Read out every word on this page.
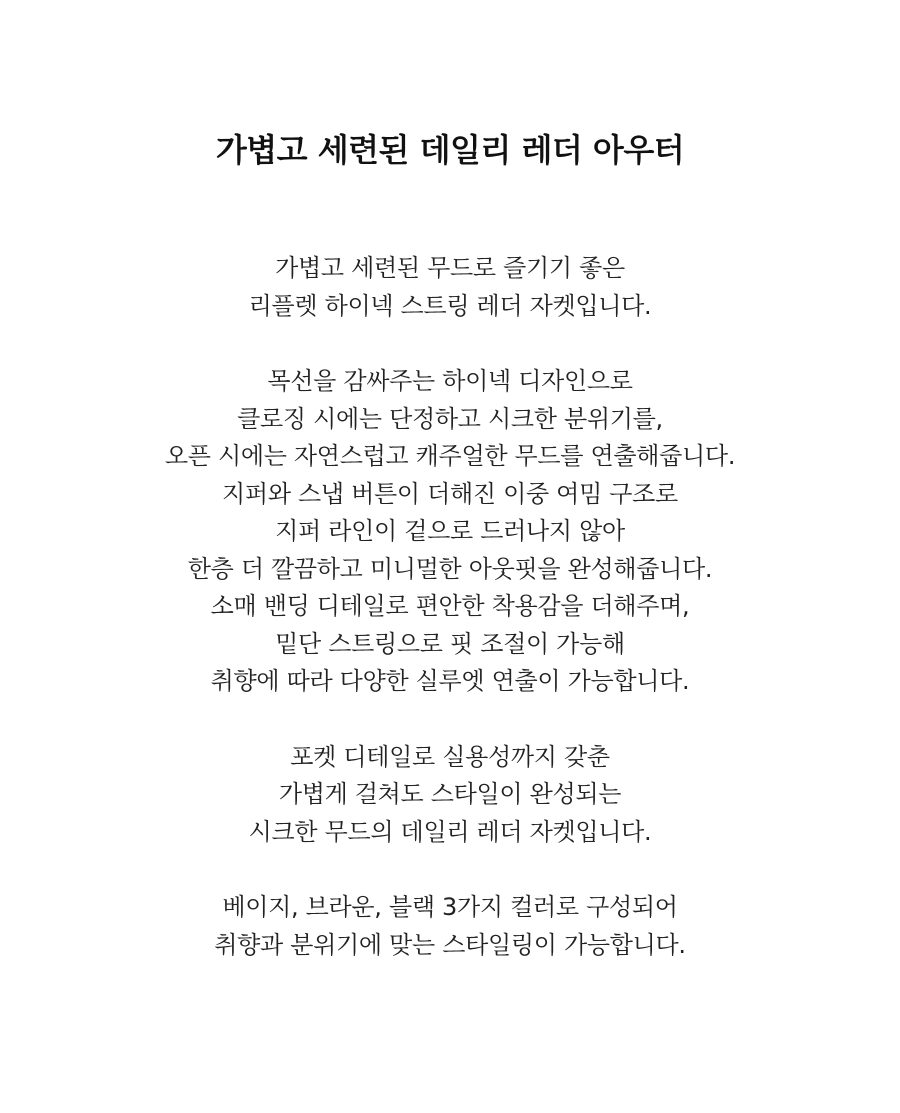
가볍고 세련된 데일리 레더 아우터

가볍고 세련된 무드로 즐기기 좋은
리플렛 하이넥 스트링 레더 자켓입니다.

목선을 감싸주는 하이넥 디자인으로
클로징 시에는 단정하고 시크한 분위기를,
오픈 시에는 자연스럽고 캐주얼한 무드를 연출해줍니다.
지퍼와 스냅 버튼이 더해진 이중 여밈 구조로
지퍼 라인이 겉으로 드러나지 않아
한층 더 깔끔하고 미니멀한 아웃핏을 완성해줍니다.
소매 밴딩 디테일로 편안한 착용감을 더해주며,
밑단 스트링으로 핏 조절이 가능해
취향에 따라 다양한 실루엣 연출이 가능합니다.

포켓 디테일로 실용성까지 갖춘
가볍게 걸쳐도 스타일이 완성되는
시크한 무드의 데일리 레더 자켓입니다.

베이지, 브라운, 블랙 3가지 컬러로 구성되어
취향과 분위기에 맞는 스타일링이 가능합니다.
